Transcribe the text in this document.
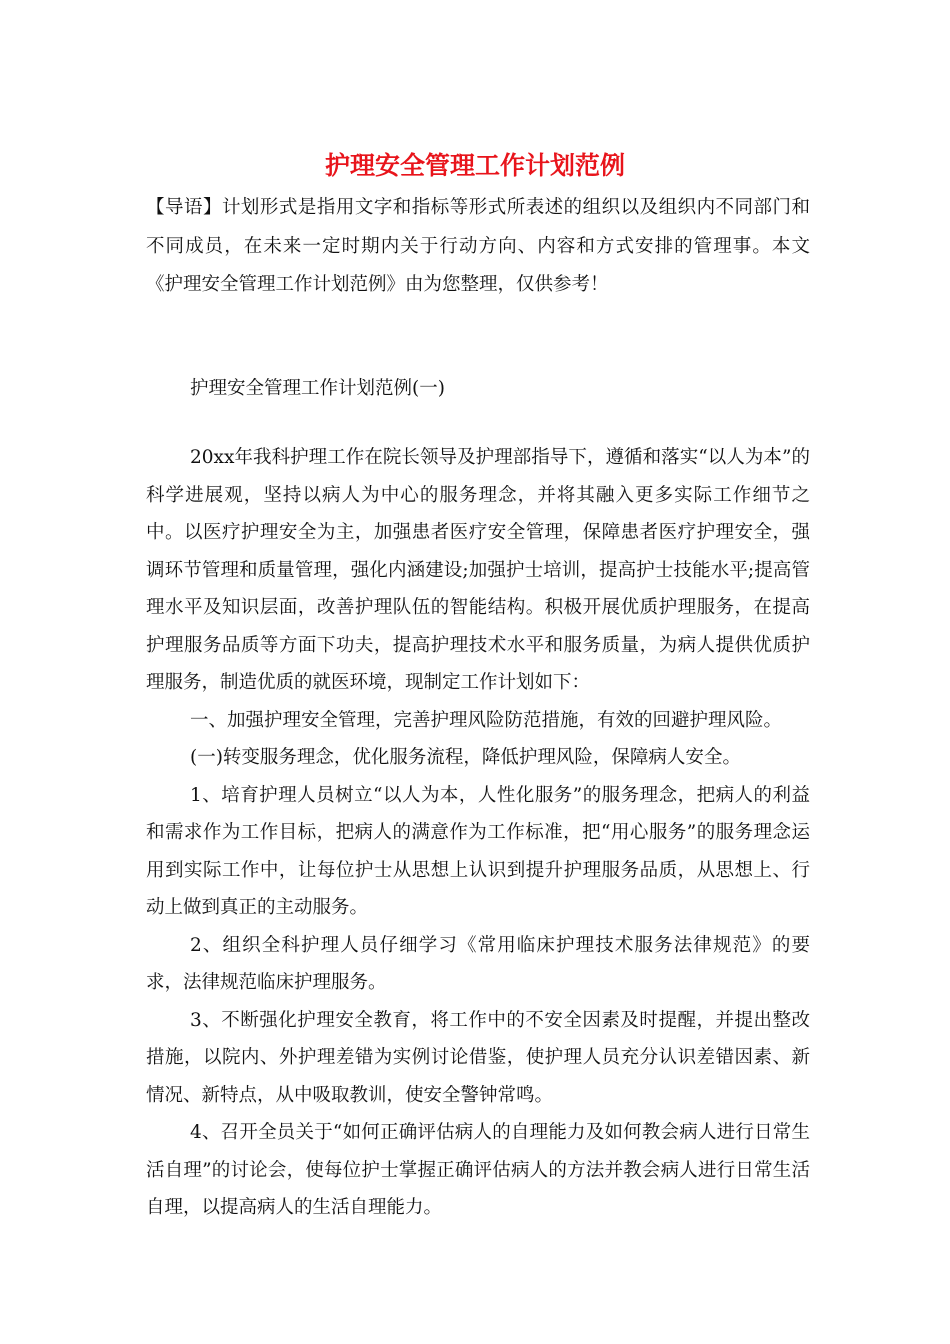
护理安全管理工作计划范例

【导语】计划形式是指用文字和指标等形式所表述的组织以及组织内不同部门和不同成员，在未来一定时期内关于行动方向、内容和方式安排的管理事。本文《护理安全管理工作计划范例》由为您整理，仅供参考！

护理安全管理工作计划范例(一)

20xx年我科护理工作在院长领导及护理部指导下，遵循和落实“以人为本”的科学进展观，坚持以病人为中心的服务理念，并将其融入更多实际工作细节之中。以医疗护理安全为主，加强患者医疗安全管理，保障患者医疗护理安全，强调环节管理和质量管理，强化内涵建设;加强护士培训，提高护士技能水平;提高管理水平及知识层面，改善护理队伍的智能结构。积极开展优质护理服务，在提高护理服务品质等方面下功夫，提高护理技术水平和服务质量，为病人提供优质护理服务，制造优质的就医环境，现制定工作计划如下：

一、加强护理安全管理，完善护理风险防范措施，有效的回避护理风险。

(一)转变服务理念，优化服务流程，降低护理风险，保障病人安全。

1、培育护理人员树立“以人为本，人性化服务”的服务理念，把病人的利益和需求作为工作目标，把病人的满意作为工作标准，把“用心服务”的服务理念运用到实际工作中，让每位护士从思想上认识到提升护理服务品质，从思想上、行动上做到真正的主动服务。

2、组织全科护理人员仔细学习《常用临床护理技术服务法律规范》的要求，法律规范临床护理服务。

3、不断强化护理安全教育，将工作中的不安全因素及时提醒，并提出整改措施，以院内、外护理差错为实例讨论借鉴，使护理人员充分认识差错因素、新情况、新特点，从中吸取教训，使安全警钟常鸣。

4、召开全员关于“如何正确评估病人的自理能力及如何教会病人进行日常生活自理”的讨论会，使每位护士掌握正确评估病人的方法并教会病人进行日常生活自理，以提高病人的生活自理能力。
